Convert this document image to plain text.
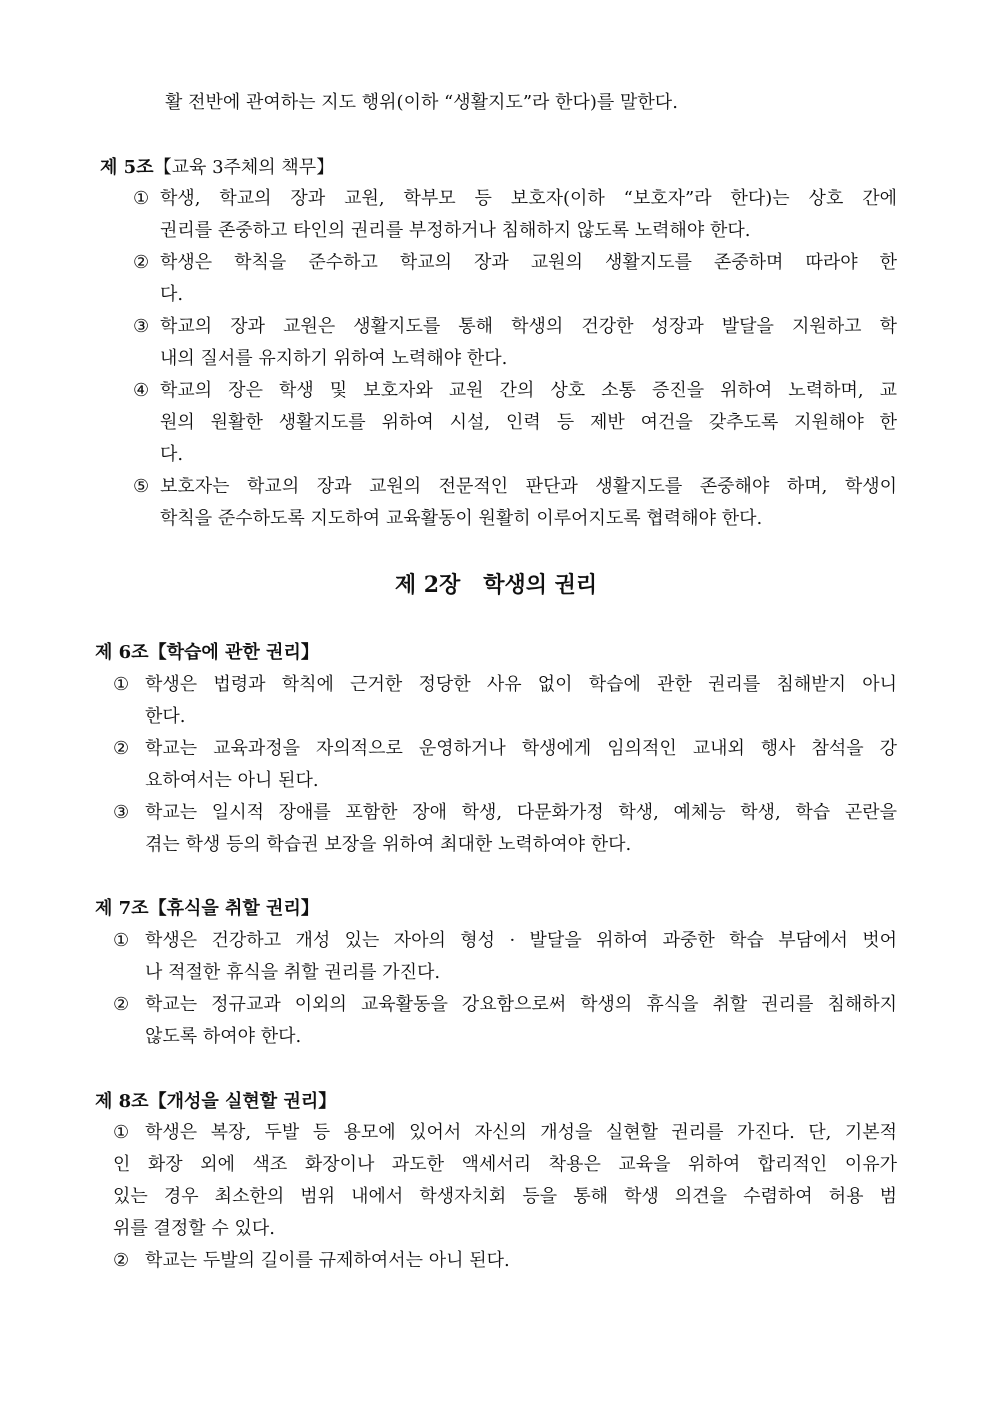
활 전반에 관여하는 지도 행위(이하 “생활지도”라 한다)를 말한다.
제 2장   학생의 권리
제 5조【교육 3주체의 책무】
① 학생, 학교의 장과 교원, 학부모 등 보호자(이하 “보호자”라 한다)는 상호 간에
권리를 존중하고 타인의 권리를 부정하거나 침해하지 않도록 노력해야 한다.
② 학생은 학칙을 준수하고 학교의 장과 교원의 생활지도를 존중하며 따라야 한
다.
③ 학교의 장과 교원은 생활지도를 통해 학생의 건강한 성장과 발달을 지원하고 학
내의 질서를 유지하기 위하여 노력해야 한다.
④ 학교의 장은 학생 및 보호자와 교원 간의 상호 소통 증진을 위하여 노력하며, 교
원의 원활한 생활지도를 위하여 시설, 인력 등 제반 여건을 갖추도록 지원해야 한
다.
⑤ 보호자는 학교의 장과 교원의 전문적인 판단과 생활지도를 존중해야 하며, 학생이
학칙을 준수하도록 지도하여 교육활동이 원활히 이루어지도록 협력해야 한다.
제 6조【학습에 관한 권리】
① 학생은 법령과 학칙에 근거한 정당한 사유 없이 학습에 관한 권리를 침해받지 아니
한다.
② 학교는 교육과정을 자의적으로 운영하거나 학생에게 임의적인 교내외 행사 참석을 강
요하여서는 아니 된다.
③ 학교는 일시적 장애를 포함한 장애 학생, 다문화가정 학생, 예체능 학생, 학습 곤란을
겪는 학생 등의 학습권 보장을 위하여 최대한 노력하여야 한다.
제 7조【휴식을 취할 권리】
① 학생은 건강하고 개성 있는 자아의 형성 · 발달을 위하여 과중한 학습 부담에서 벗어
나 적절한 휴식을 취할 권리를 가진다.
② 학교는 정규교과 이외의 교육활동을 강요함으로써 학생의 휴식을 취할 권리를 침해하지
않도록 하여야 한다.
제 8조【개성을 실현할 권리】
① 학생은 복장, 두발 등 용모에 있어서 자신의 개성을 실현할 권리를 가진다. 단, 기본적
인 화장 외에 색조 화장이나 과도한 액세서리 착용은 교육을 위하여 합리적인 이유가
있는 경우 최소한의 범위 내에서 학생자치회 등을 통해 학생 의견을 수렴하여 허용 범
위를 결정할 수 있다.
② 학교는 두발의 길이를 규제하여서는 아니 된다.
